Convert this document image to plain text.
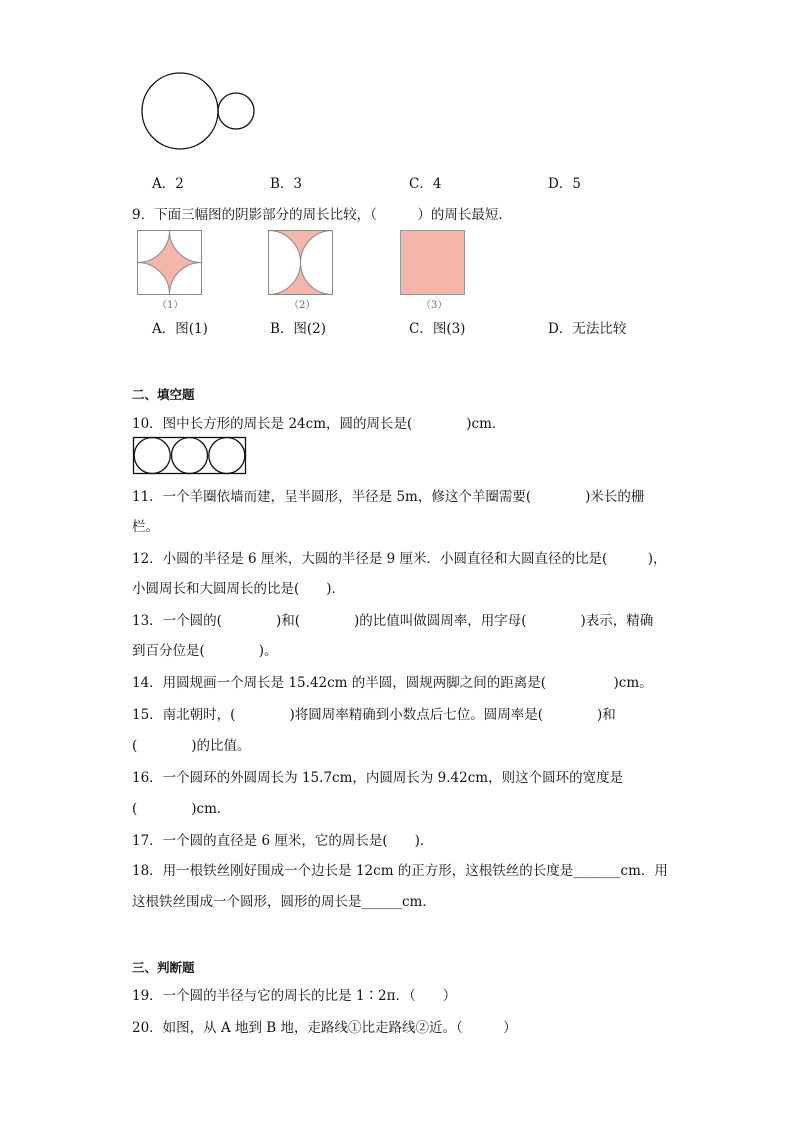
A．2	B．3	C．4	D．5
9．下面三幅图的阴影部分的周长比较，（　　　）的周长最短．
（1）	（2）	（3）
A．图(1)	B．图(2)	C．图(3)	D．无法比较
二、填空题
10．图中长方形的周长是 24cm，圆的周长是(　　　　)cm．
11．一个羊圈依墙而建，呈半圆形，半径是 5m，修这个羊圈需要(　　　　)米长的栅
栏。
12．小圆的半径是 6 厘米，大圆的半径是 9 厘米．小圆直径和大圆直径的比是(　　　)，
小圆周长和大圆周长的比是(　　)．
13．一个圆的(　　　　)和(　　　　)的比值叫做圆周率，用字母(　　　　)表示，精确
到百分位是(　　　　)。
14．用圆规画一个周长是 15.42cm 的半圆，圆规两脚之间的距离是(　　　　　)cm。
15．南北朝时，(　　　　)将圆周率精确到小数点后七位。圆周率是(　　　　)和
(　　　　)的比值。
16．一个圆环的外圆周长为 15.7cm，内圆周长为 9.42cm，则这个圆环的宽度是
(　　　　)cm．
17．一个圆的直径是 6 厘米，它的周长是(　　)．
18．用一根铁丝刚好围成一个边长是 12cm 的正方形，这根铁丝的长度是_______cm．用
这根铁丝围成一个圆形，圆形的周长是______cm．
三、判断题
19．一个圆的半径与它的周长的比是 1∶2π．（　　）
20．如图，从 A 地到 B 地，走路线①比走路线②近。（　　　）
